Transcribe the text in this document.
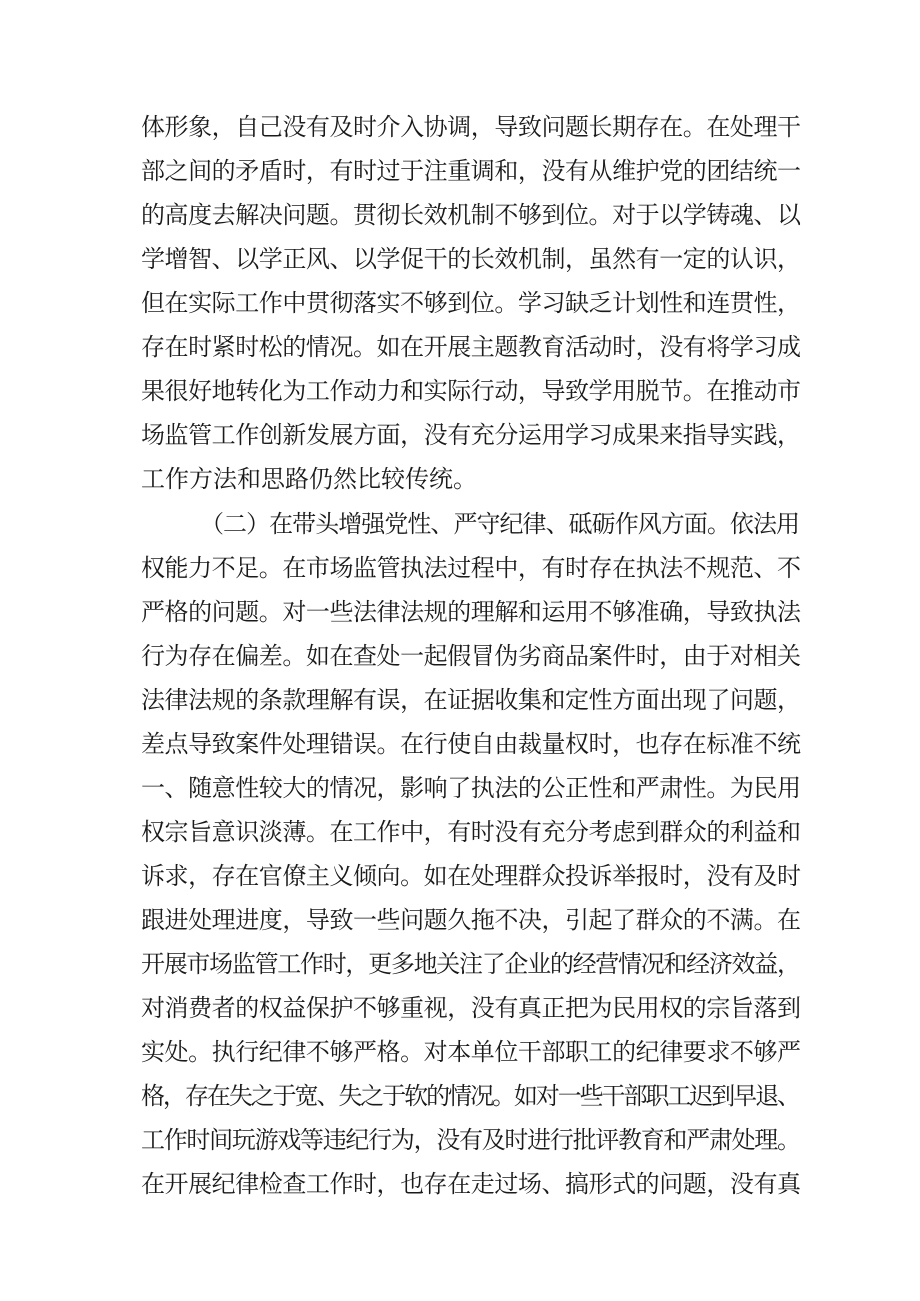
体形象，自己没有及时介入协调，导致问题长期存在。在处理干
部之间的矛盾时，有时过于注重调和，没有从维护党的团结统一
的高度去解决问题。贯彻长效机制不够到位。对于以学铸魂、以
学增智、以学正风、以学促干的长效机制，虽然有一定的认识，
但在实际工作中贯彻落实不够到位。学习缺乏计划性和连贯性，
存在时紧时松的情况。如在开展主题教育活动时，没有将学习成
果很好地转化为工作动力和实际行动，导致学用脱节。在推动市
场监管工作创新发展方面，没有充分运用学习成果来指导实践，
工作方法和思路仍然比较传统。
（二）在带头增强党性、严守纪律、砥砺作风方面。依法用
权能力不足。在市场监管执法过程中，有时存在执法不规范、不
严格的问题。对一些法律法规的理解和运用不够准确，导致执法
行为存在偏差。如在查处一起假冒伪劣商品案件时，由于对相关
法律法规的条款理解有误，在证据收集和定性方面出现了问题，
差点导致案件处理错误。在行使自由裁量权时，也存在标准不统
一、随意性较大的情况，影响了执法的公正性和严肃性。为民用
权宗旨意识淡薄。在工作中，有时没有充分考虑到群众的利益和
诉求，存在官僚主义倾向。如在处理群众投诉举报时，没有及时
跟进处理进度，导致一些问题久拖不决，引起了群众的不满。在
开展市场监管工作时，更多地关注了企业的经营情况和经济效益，
对消费者的权益保护不够重视，没有真正把为民用权的宗旨落到
实处。执行纪律不够严格。对本单位干部职工的纪律要求不够严
格，存在失之于宽、失之于软的情况。如对一些干部职工迟到早退、
工作时间玩游戏等违纪行为，没有及时进行批评教育和严肃处理。
在开展纪律检查工作时，也存在走过场、搞形式的问题，没有真
